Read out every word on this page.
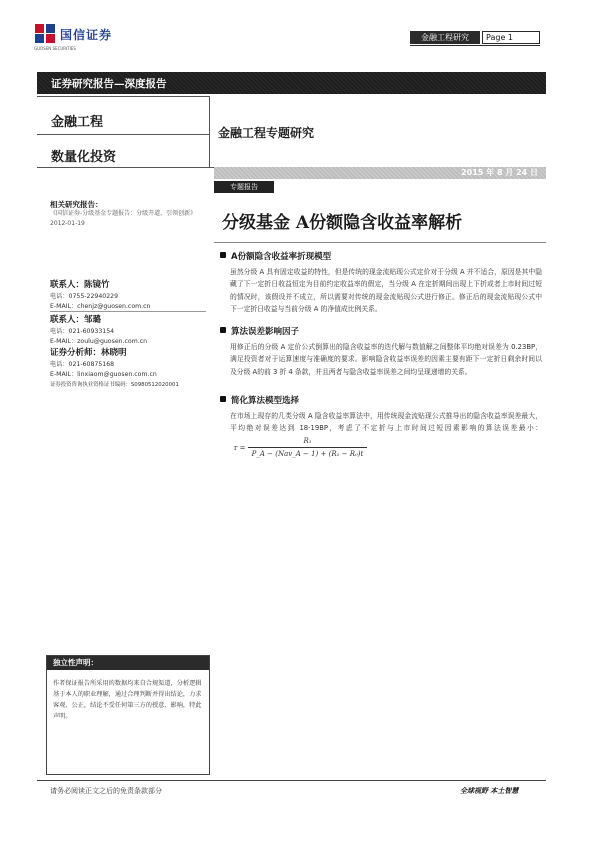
国信证券
GUOSEN SECURITIES
金融工程研究	Page 1
证券研究报告—深度报告
金融工程
数量化投资
金融工程专题研究
2015 年 8 月 24 日
专题报告
分级基金 A份额隐含收益率解析
相关研究报告：
《国信证券-分级基金专题报告：分级开道，引领创新》 2012-01-19
联系人：陈镜竹
电话：0755-22940229
E-MAIL：chenjz@guosen.com.cn
联系人：邹璐
电话：021-60933154
E-MAIL：zoulu@guosen.com.cn
证券分析师：林晓明
电话：021-60875168
E-MAIL：linxiaom@guosen.com.cn
证券投资咨询执业资格证书编码：S0980512020001
A份额隐含收益率折现模型
虽然分级 A 具有固定收益的特性，但是传统的现金流贴现公式定价对于分级 A 并不适合，原因是其中隐藏了下一定折日收益恒定为目前约定收益率的假定，当分级 A 在定折期间出现上下折或者上市时间过短的情况时，该假设并不成立，所以需要对传统的现金流贴现公式进行修正。修正后的现金流贴现公式中下一定折日收益与当前分级 A 的净值成比例关系。
算法误差影响因子
用修正后的分级 A 定价公式倒算出的隐含收益率的迭代解与数值解之间整体平均绝对误差为 0.23BP，满足投资者对于运算速度与准确度的要求。影响隐含收益率误差的因素主要有距下一定折日剩余时间以及分级 A的前 3 折 4 条款，并且两者与隐含收益率误差之间均呈现递增的关系。
简化算法模型选择
在市场上现存的几类分级 A 隐含收益率算法中，用传统现金流贴现公式推导出的隐含收益率误差最大，平均绝对误差达到 18-19BP，考虑了不定折与上市时间过短因素影响的算法误差最小： $r = \frac{\text{R₁}}{\text{P\_A − (Nav\_A − 1) + (R₁ − R₀)t}}$
独立性声明：
作者保证报告所采用的数据均来自合规渠道，分析逻辑基于本人的职业理解，通过合理判断并得出结论，力求客观、公正，结论不受任何第三方的授意、影响，特此声明。
请务必阅读正文之后的免责条款部分	全球视野 本土智慧
